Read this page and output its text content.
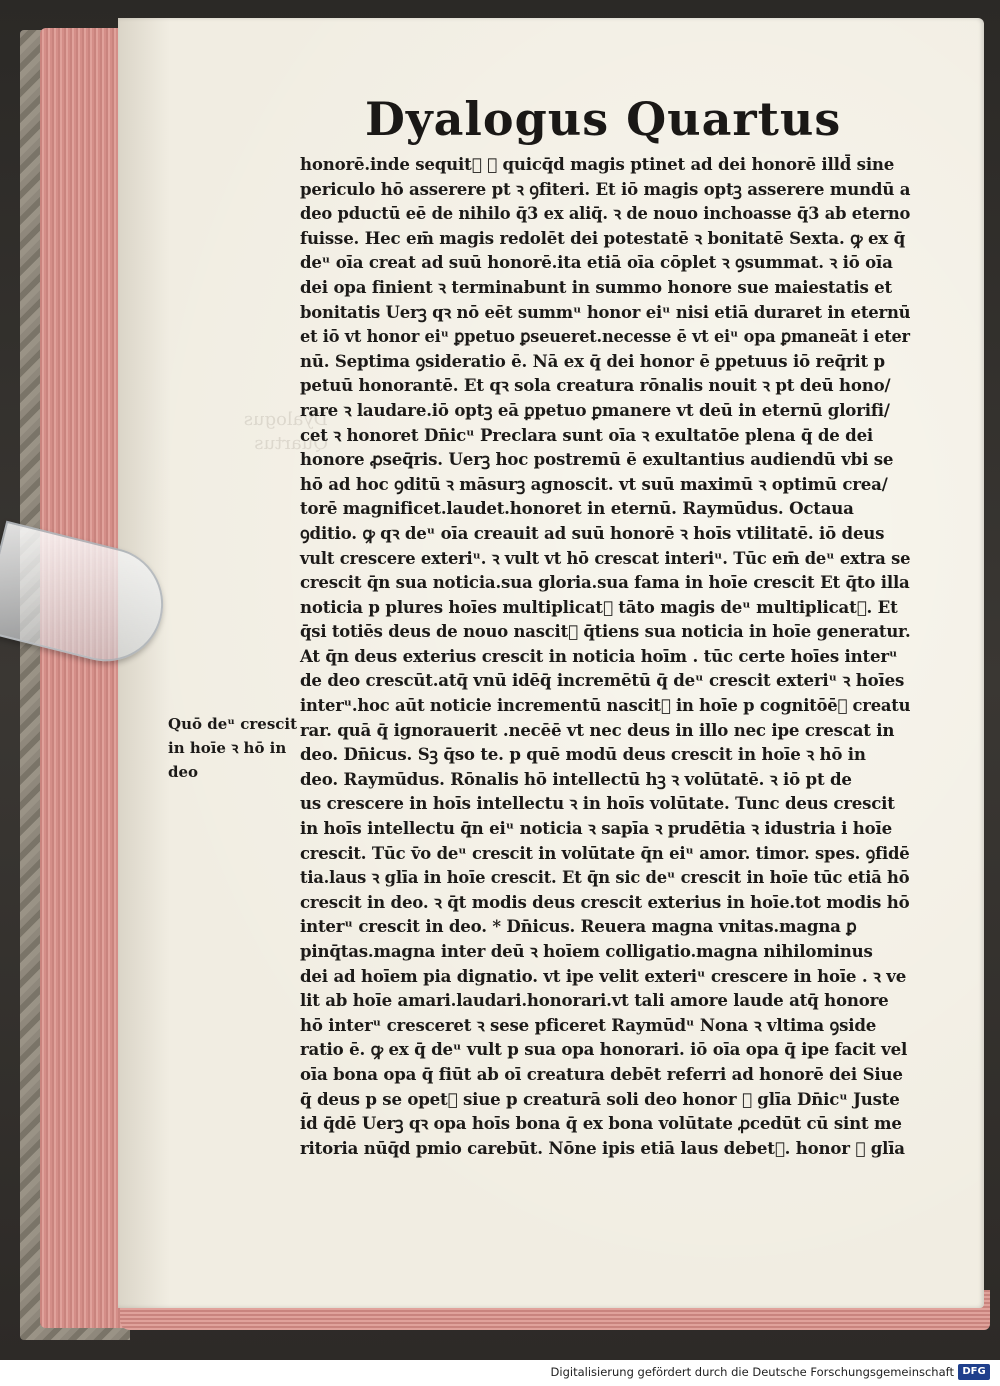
Dyalogus
Quartus
Dyalogus Quartus
honorē.inde sequit᷑ ꝙ quicq̄d magis ptinet ad dei honorē illd̄ sine
periculo hō asserere pt ꝛ ꝯfiteri. Et iō magis optꝫ asserere mundū a
deo pductū eē de nihilo q̄3 ex aliq̄. ꝛ de nouo inchoasse q̄3 ab eterno
fuisse. Hec em̄ magis redolēt dei potestatē ꝛ bonitatē Sexta. ꝙ ex q̄
deᵘ oīa creat ad suū honorē.ita etiā oīa cōplet ꝛ ꝯsummat. ꝛ iō oīa
dei opa finient ꝛ terminabunt in summo honore sue maiestatis et
bonitatis Uerꝫ qꝛ nō eēt summᵘ honor eiᵘ nisi etiā duraret in eternū
et iō vt honor eiᵘ ꝑpetuo ꝑseueret.necesse ē vt eiᵘ opa ꝑmaneāt i eter
nū. Septima ꝯsideratio ē. Nā ex q̄ dei honor ē ꝑpetuus iō req̄rit p
petuū honorantē. Et qꝛ sola creatura rōnalis nouit ꝛ pt deū hono/
rare ꝛ laudare.iō optꝫ eā ꝑpetuo ꝑmanere vt deū in eternū glorifi/
cet ꝛ honoret Dn̄icᵘ Preclara sunt oīa ꝛ exultatōe plena q̄ de dei
honore ꝓseq̄ris. Uerꝫ hoc postremū ē exultantius audiendū vbi se
hō ad hoc ꝯditū ꝛ māsurꝫ agnoscit. vt suū maximū ꝛ optimū crea/
torē magnificet.laudet.honoret in eternū. Raymūdus. Octaua
ꝯditio. ꝙ qꝛ deᵘ oīa creauit ad suū honorē ꝛ hoīs vtilitatē. iō deus
vult crescere exteriᵘ. ꝛ vult vt hō crescat interiᵘ. Tūc em̄ deᵘ extra se
crescit q̄n sua noticia.sua gloria.sua fama in hoīe crescit Et q̄to illa
noticia p plures hoīes multiplicat᷑ tāto magis deᵘ multiplicat᷑. Et
q̄si totiēs deus de nouo nascit᷑ q̄tiens sua noticia in hoīe generatur.
At q̄n deus exterius crescit in noticia hoīm . tūc certe hoīes interᵘ
de deo crescūt.atq̄ vnū idēq̄ incremētū q̄ deᵘ crescit exteriᵘ ꝛ hoīes
interᵘ.hoc aūt noticie incrementū nascit᷑ in hoīe p cognitōēꝫ creatu
rar. quā q̄ ignorauerit .necēē vt nec deus in illo nec ipe crescat in
deo. Dn̄icus. Sꝫ q̄so te. p quē modū deus crescit in hoīe ꝛ hō in
deo. Raymūdus. Rōnalis hō intellectū hꝫ ꝛ volūtatē. ꝛ iō pt de
us crescere in hoīs intellectu ꝛ in hoīs volūtate. Tunc deus crescit
in hoīs intellectu q̄n eiᵘ noticia ꝛ sapīa ꝛ prudētia ꝛ idustria i hoīe
crescit. Tūc v̄o deᵘ crescit in volūtate q̄n eiᵘ amor. timor. spes. ꝯfidē
tia.laus ꝛ glīa in hoīe crescit. Et q̄n sic deᵘ crescit in hoīe tūc etiā hō
crescit in deo. ꝛ q̄t modis deus crescit exterius in hoīe.tot modis hō
interᵘ crescit in deo. * Dn̄icus. Reuera magna vnitas.magna ꝑ
pinq̄tas.magna inter deū ꝛ hoīem colligatio.magna nihilominus
dei ad hoīem pia dignatio. vt ipe velit exteriᵘ crescere in hoīe . ꝛ ve
lit ab hoīe amari.laudari.honorari.vt tali amore laude atq̄ honore
hō interᵘ cresceret ꝛ sese pficeret Raymūdᵘ Nona ꝛ vltima ꝯside
ratio ē. ꝙ ex q̄ deᵘ vult p sua opa honorari. iō oīa opa q̄ ipe facit vel
oīa bona opa q̄ fiūt ab oī creatura debēt referri ad honorē dei Siue
q̄ deus p se opet᷑ siue p creaturā soli deo honor ꝛ glīa Dn̄icᵘ Juste
id q̄dē Uerꝫ qꝛ opa hoīs bona q̄ ex bona volūtate ꝓcedūt cū sint me
ritoria nūq̄d pmio carebūt. Nōne ipis etiā laus debet᷑. honor ꝛ glīa
Quō deᵘ crescit
in hoīe ꝛ hō in
deo
Digitalisierung gefördert durch die Deutsche Forschungsgemeinschaft DFG
